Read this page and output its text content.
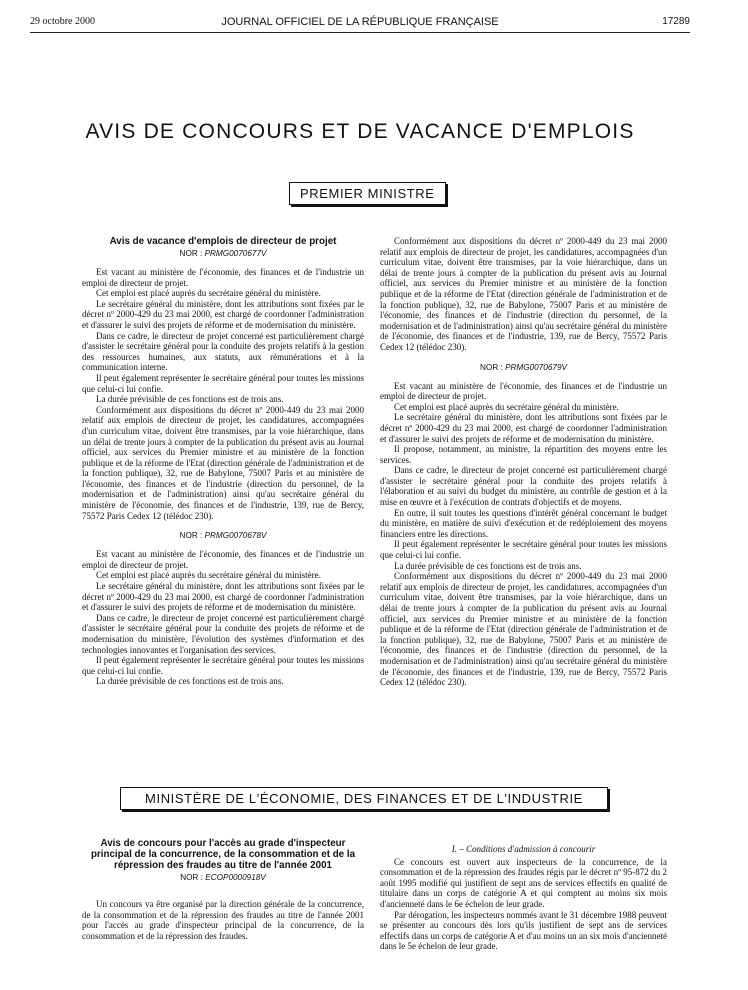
29 octobre 2000	JOURNAL OFFICIEL DE LA RÉPUBLIQUE FRANÇAISE	17289
AVIS DE CONCOURS ET DE VACANCE D'EMPLOIS
PREMIER MINISTRE
Avis de vacance d'emplois de directeur de projet
NOR : PRMG0070677V

Est vacant au ministère de l'économie, des finances et de l'industrie un emploi de directeur de projet.

Cet emploi est placé auprès du secrétaire général du ministère.

Le secrétaire général du ministère, dont les attributions sont fixées par le décret nº 2000-429 du 23 mai 2000, est chargé de coordonner l'administration et d'assurer le suivi des projets de réforme et de modernisation du ministère.

Dans ce cadre, le directeur de projet concerné est particulièrement chargé d'assister le secrétaire général pour la conduite des projets relatifs à la gestion des ressources humaines, aux statuts, aux rémunérations et à la communication interne.

Il peut également représenter le secrétaire général pour toutes les missions que celui-ci lui confie.

La durée prévisible de ces fonctions est de trois ans.

Conformément aux dispositions du décret nº 2000-449 du 23 mai 2000 relatif aux emplois de directeur de projet, les candidatures, accompagnées d'un curriculum vitae, doivent être transmises, par la voie hiérarchique, dans un délai de trente jours à compter de la publication du présent avis au Journal officiel, aux services du Premier ministre et au ministère de la fonction publique et de la réforme de l'Etat (direction générale de l'administration et de la fonction publique), 32, rue de Babylone, 75007 Paris et au ministère de l'économie, des finances et de l'industrie (direction du personnel, de la modernisation et de l'administration) ainsi qu'au secrétaire général du ministère de l'économie, des finances et de l'industrie, 139, rue de Bercy, 75572 Paris Cedex 12 (télédoc 230).

NOR : PRMG0070678V

Est vacant au ministère de l'économie, des finances et de l'industrie un emploi de directeur de projet.

Cet emploi est placé auprès du secrétaire général du ministère.

Le secrétaire général du ministère, dont les attributions sont fixées par le décret nº 2000-429 du 23 mai 2000, est chargé de coordonner l'administration et d'assurer le suivi des projets de réforme et de modernisation du ministère.

Dans ce cadre, le directeur de projet concerné est particulièrement chargé d'assister le secrétaire général pour la conduite des projets de réforme et de modernisation du ministère, l'évolution des systèmes d'information et des technologies innovantes et l'organisation des services.

Il peut également représenter le secrétaire général pour toutes les missions que celui-ci lui confie.

La durée prévisible de ces fonctions est de trois ans.

Conformément aux dispositions du décret nº 2000-449 du 23 mai 2000 relatif aux emplois de directeur de projet, les candidatures, accompagnées d'un curriculum vitae, doivent être transmises, par la voie hiérarchique, dans un délai de trente jours à compter de la publication du présent avis au Journal officiel, aux services du Premier ministre et au ministère de la fonction publique et de la réforme de l'Etat (direction générale de l'administration et de la fonction publique), 32, rue de Babylone, 75007 Paris et au ministère de l'économie, des finances et de l'industrie (direction du personnel, de la modernisation et de l'administration) ainsi qu'au secrétaire général du ministère de l'économie, des finances et de l'industrie, 139, rue de Bercy, 75572 Paris Cedex 12 (télédoc 230).

NOR : PRMG0070679V

Est vacant au ministère de l'économie, des finances et de l'industrie un emploi de directeur de projet.

Cet emploi est placé auprès du secrétaire général du ministère.

Le secrétaire général du ministère, dont les attributions sont fixées par le décret nº 2000-429 du 23 mai 2000, est chargé de coordonner l'administration et d'assurer le suivi des projets de réforme et de modernisation du ministère.

Il propose, notamment, au ministre, la répartition des moyens entre les services.

Dans ce cadre, le directeur de projet concerné est particulièrement chargé d'assister le secrétaire général pour la conduite des projets relatifs à l'élaboration et au suivi du budget du ministère, au contrôle de gestion et à la mise en œuvre et à l'exécution de contrats d'objectifs et de moyens.

En outre, il suit toutes les questions d'intérêt général concernant le budget du ministère, en matière de suivi d'exécution et de redéploiement des moyens financiers entre les directions.

Il peut également représenter le secrétaire général pour toutes les missions que celui-ci lui confie.

La durée prévisible de ces fonctions est de trois ans.

Conformément aux dispositions du décret nº 2000-449 du 23 mai 2000 relatif aux emplois de directeur de projet, les candidatures, accompagnées d'un curriculum vitae, doivent être transmises, par la voie hiérarchique, dans un délai de trente jours à compter de la publication du présent avis au Journal officiel, aux services du Premier ministre et au ministère de la fonction publique et de la réforme de l'Etat (direction générale de l'administration et de la fonction publique), 32, rue de Babylone, 75007 Paris et au ministère de l'économie, des finances et de l'industrie (direction du personnel, de la modernisation et de l'administration) ainsi qu'au secrétaire général du ministère de l'économie, des finances et de l'industrie, 139, rue de Bercy, 75572 Paris Cedex 12 (télédoc 230).

MINISTÈRE DE L'ÉCONOMIE, DES FINANCES ET DE L'INDUSTRIE
Avis de concours pour l'accès au grade d'inspecteur principal de la concurrence, de la consommation et de la répression des fraudes au titre de l'année 2001
NOR : ECOP0000918V

Un concours va être organisé par la direction générale de la concurrence, de la consommation et de la répression des fraudes au titre de l'année 2001 pour l'accès au grade d'inspecteur principal de la concurrence, de la consommation et de la répression des fraudes.

I. – Conditions d'admission à concourir

Ce concours est ouvert aux inspecteurs de la concurrence, de la consommation et de la répression des fraudes régis par le décret nº 95-872 du 2 août 1995 modifié qui justifient de sept ans de services effectifs en qualité de titulaire dans un corps de catégorie A et qui comptent au moins six mois d'ancienneté dans le 6e échelon de leur grade.

Par dérogation, les inspecteurs nommés avant le 31 décembre 1988 peuvent se présenter au concours dès lors qu'ils justifient de sept ans de services effectifs dans un corps de catégorie A et d'au moins un an six mois d'ancienneté dans le 5e échelon de leur grade.
